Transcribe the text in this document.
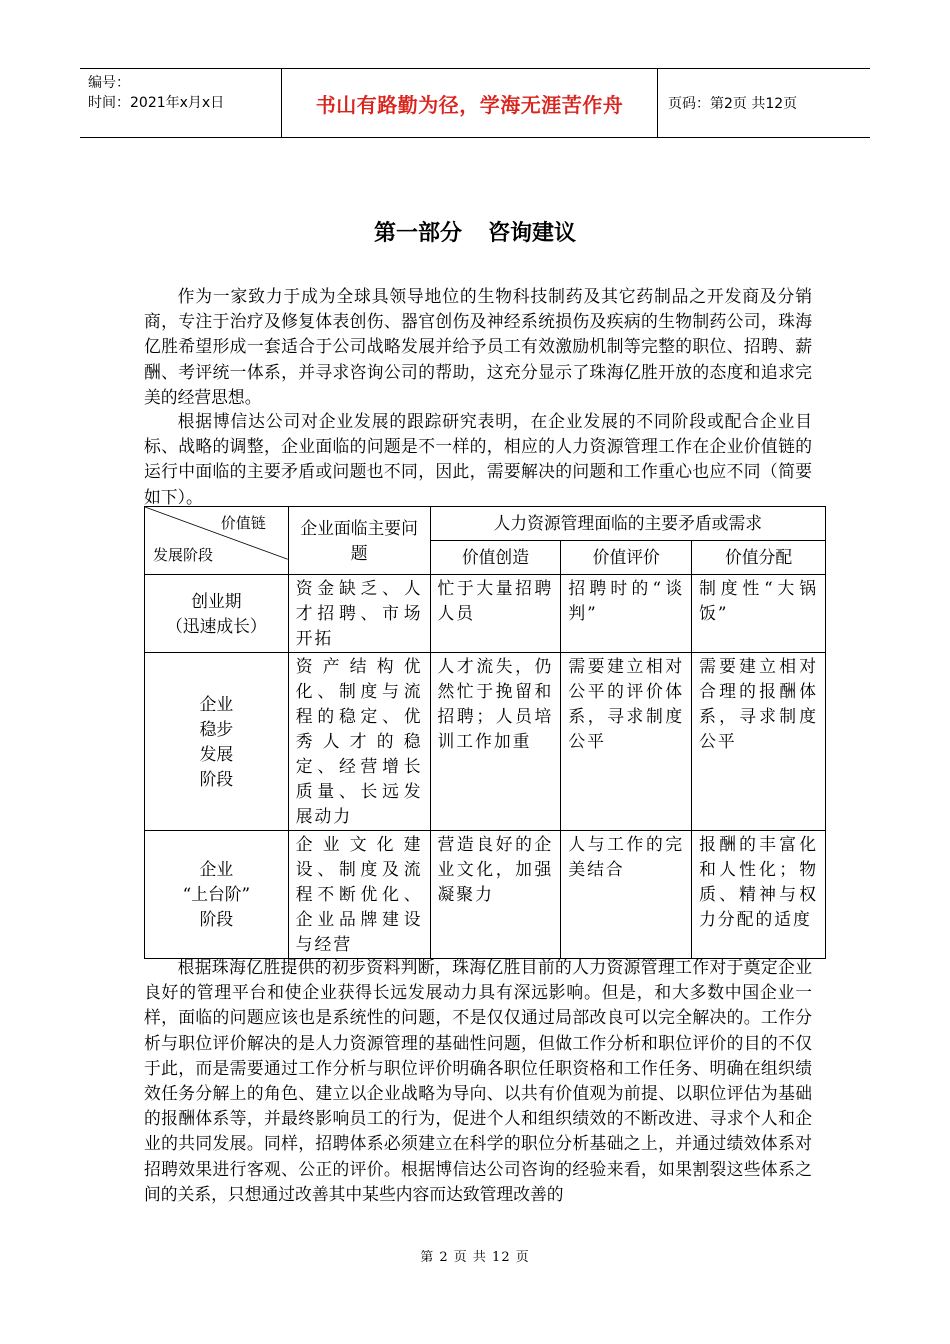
编号：
时间：2021年x月x日	书山有路勤为径，学海无涯苦作舟	页码：第2页 共12页
第一部分 咨询建议

作为一家致力于成为全球具领导地位的生物科技制药及其它药制品之开发商及分销商，专注于治疗及修复体表创伤、器官创伤及神经系统损伤及疾病的生物制药公司，珠海亿胜希望形成一套适合于公司战略发展并给予员工有效激励机制等完整的职位、招聘、薪酬、考评统一体系，并寻求咨询公司的帮助，这充分显示了珠海亿胜开放的态度和追求完美的经营思想。

根据博信达公司对企业发展的跟踪研究表明，在企业发展的不同阶段或配合企业目标、战略的调整，企业面临的问题是不一样的，相应的人力资源管理工作在企业价值链的运行中面临的主要矛盾或问题也不同，因此，需要解决的问题和工作重心也应不同（简要如下）。

价值链
发展阶段	企业面临主要问题	人力资源管理面临的主要矛盾或需求		
		价值创造	价值评价	价值分配

创业期
（迅速成长）	资金缺乏、人才招聘、市场开拓	忙于大量招聘人员	招聘时的“谈判”	制度性“大锅饭”

企业
稳步
发展
阶段	资产结构优化、制度与流程的稳定、优秀人才的稳定、经营增长质量、长远发展动力	人才流失，仍然忙于挽留和招聘；人员培训工作加重	需要建立相对公平的评价体系，寻求制度公平	需要建立相对合理的报酬体系，寻求制度公平

企业
“上台阶”
阶段	企业文化建设、制度及流程不断优化、企业品牌建设与经营	营造良好的企业文化，加强凝聚力	人与工作的完美结合	报酬的丰富化和人性化；物质、精神与权力分配的适度

根据珠海亿胜提供的初步资料判断，珠海亿胜目前的人力资源管理工作对于奠定企业良好的管理平台和使企业获得长远发展动力具有深远影响。但是，和大多数中国企业一样，面临的问题应该也是系统性的问题，不是仅仅通过局部改良可以完全解决的。工作分析与职位评价解决的是人力资源管理的基础性问题，但做工作分析和职位评价的目的不仅于此，而是需要通过工作分析与职位评价明确各职位任职资格和工作任务、明确在组织绩效任务分解上的角色、建立以企业战略为导向、以共有价值观为前提、以职位评估为基础的报酬体系等，并最终影响员工的行为，促进个人和组织绩效的不断改进、寻求个人和企业的共同发展。同样，招聘体系必须建立在科学的职位分析基础之上，并通过绩效体系对招聘效果进行客观、公正的评价。根据博信达公司咨询的经验来看，如果割裂这些体系之间的关系，只想通过改善其中某些内容而达致管理改善的

第 2 页 共 12 页
